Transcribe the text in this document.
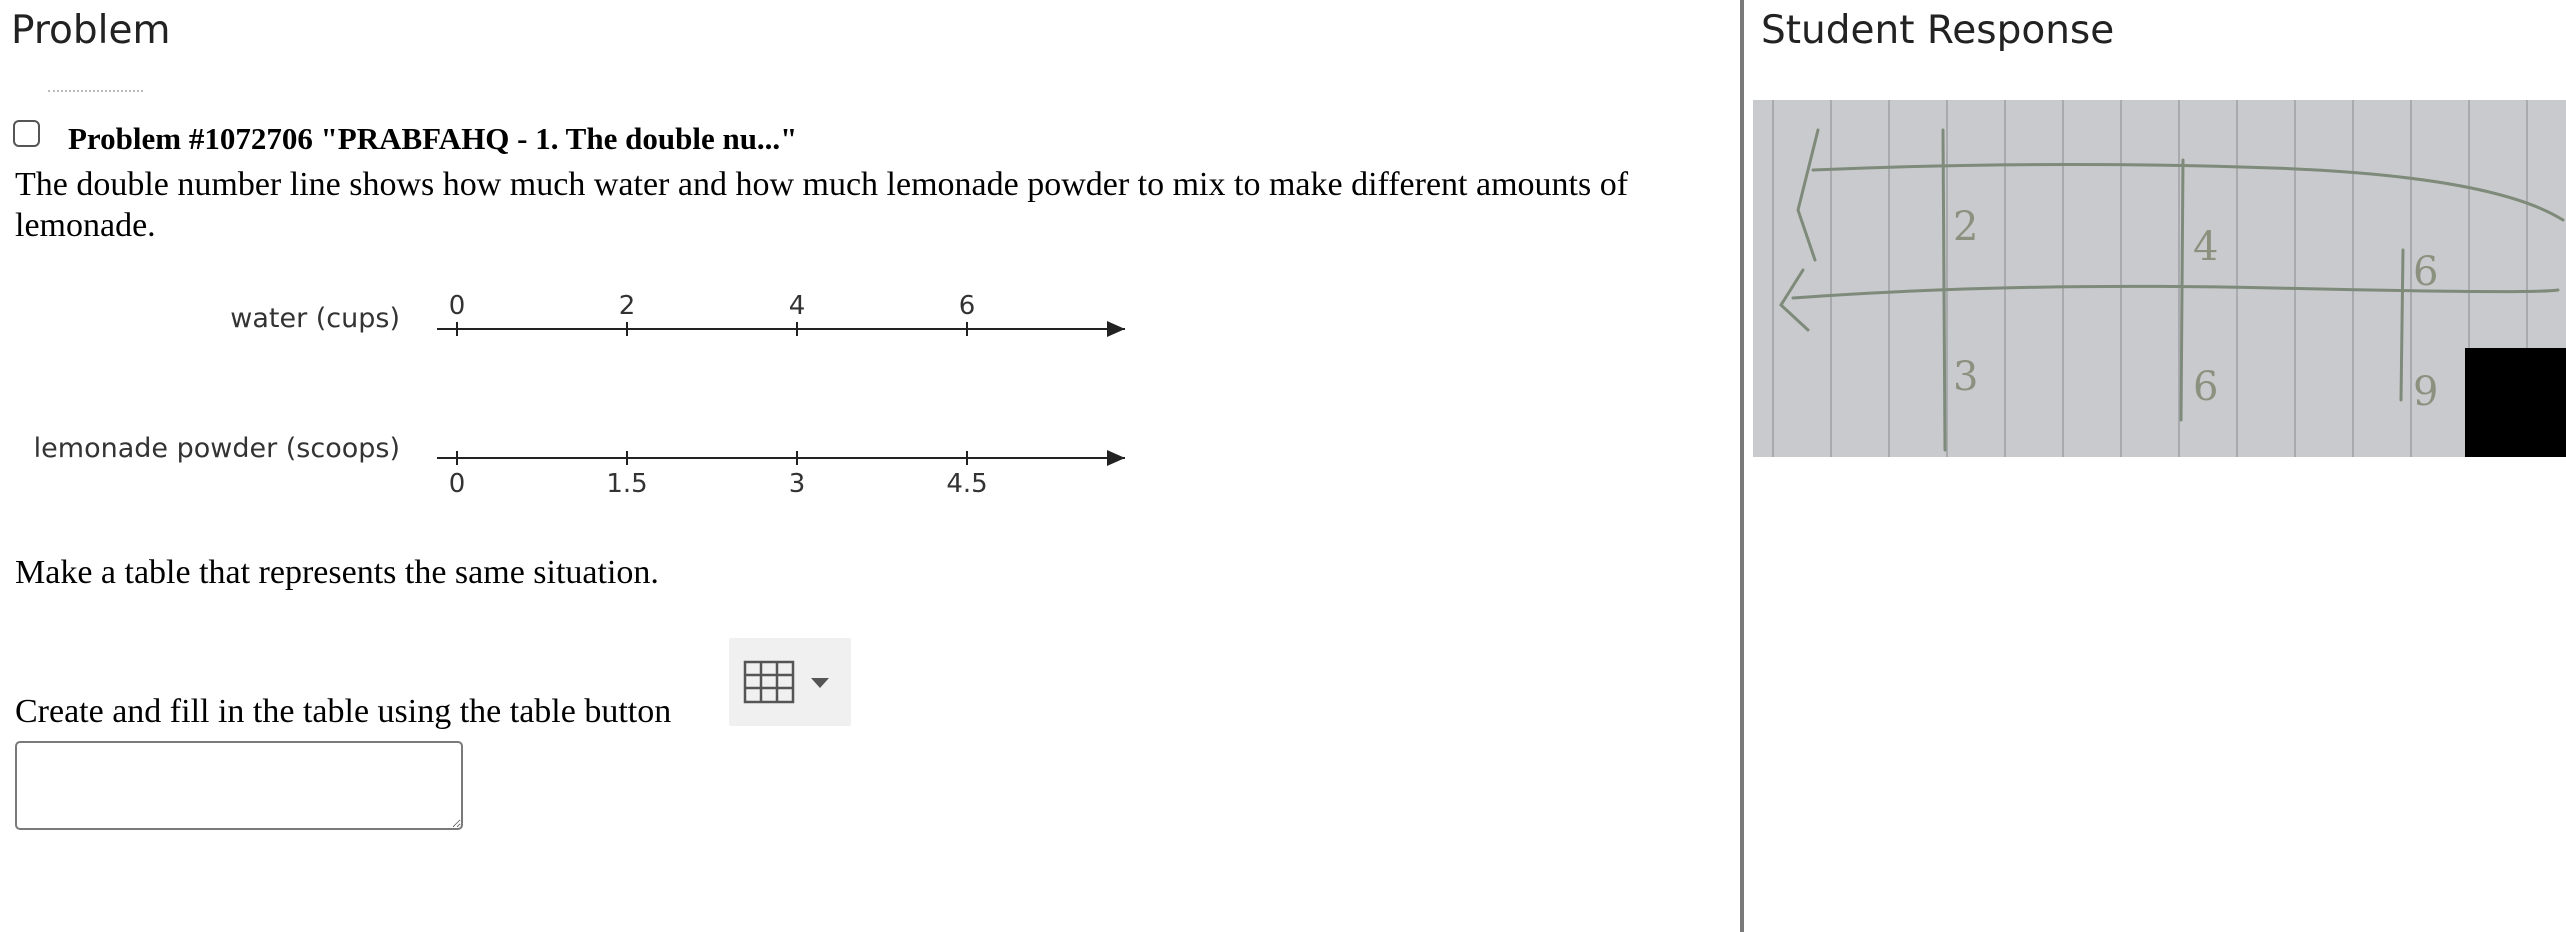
Problem
Problem #1072706 "PRABFAHQ - 1. The double nu..."
The double number line shows how much water and how much lemonade powder to mix to make different amounts of lemonade.
water (cups) 0	2	4	6
lemonade powder (scoops)
0	1.5	3	4.5
Make a table that represents the same situation.
Create and fill in the table using the table button
Student Response
2
3
4
6
6
9
